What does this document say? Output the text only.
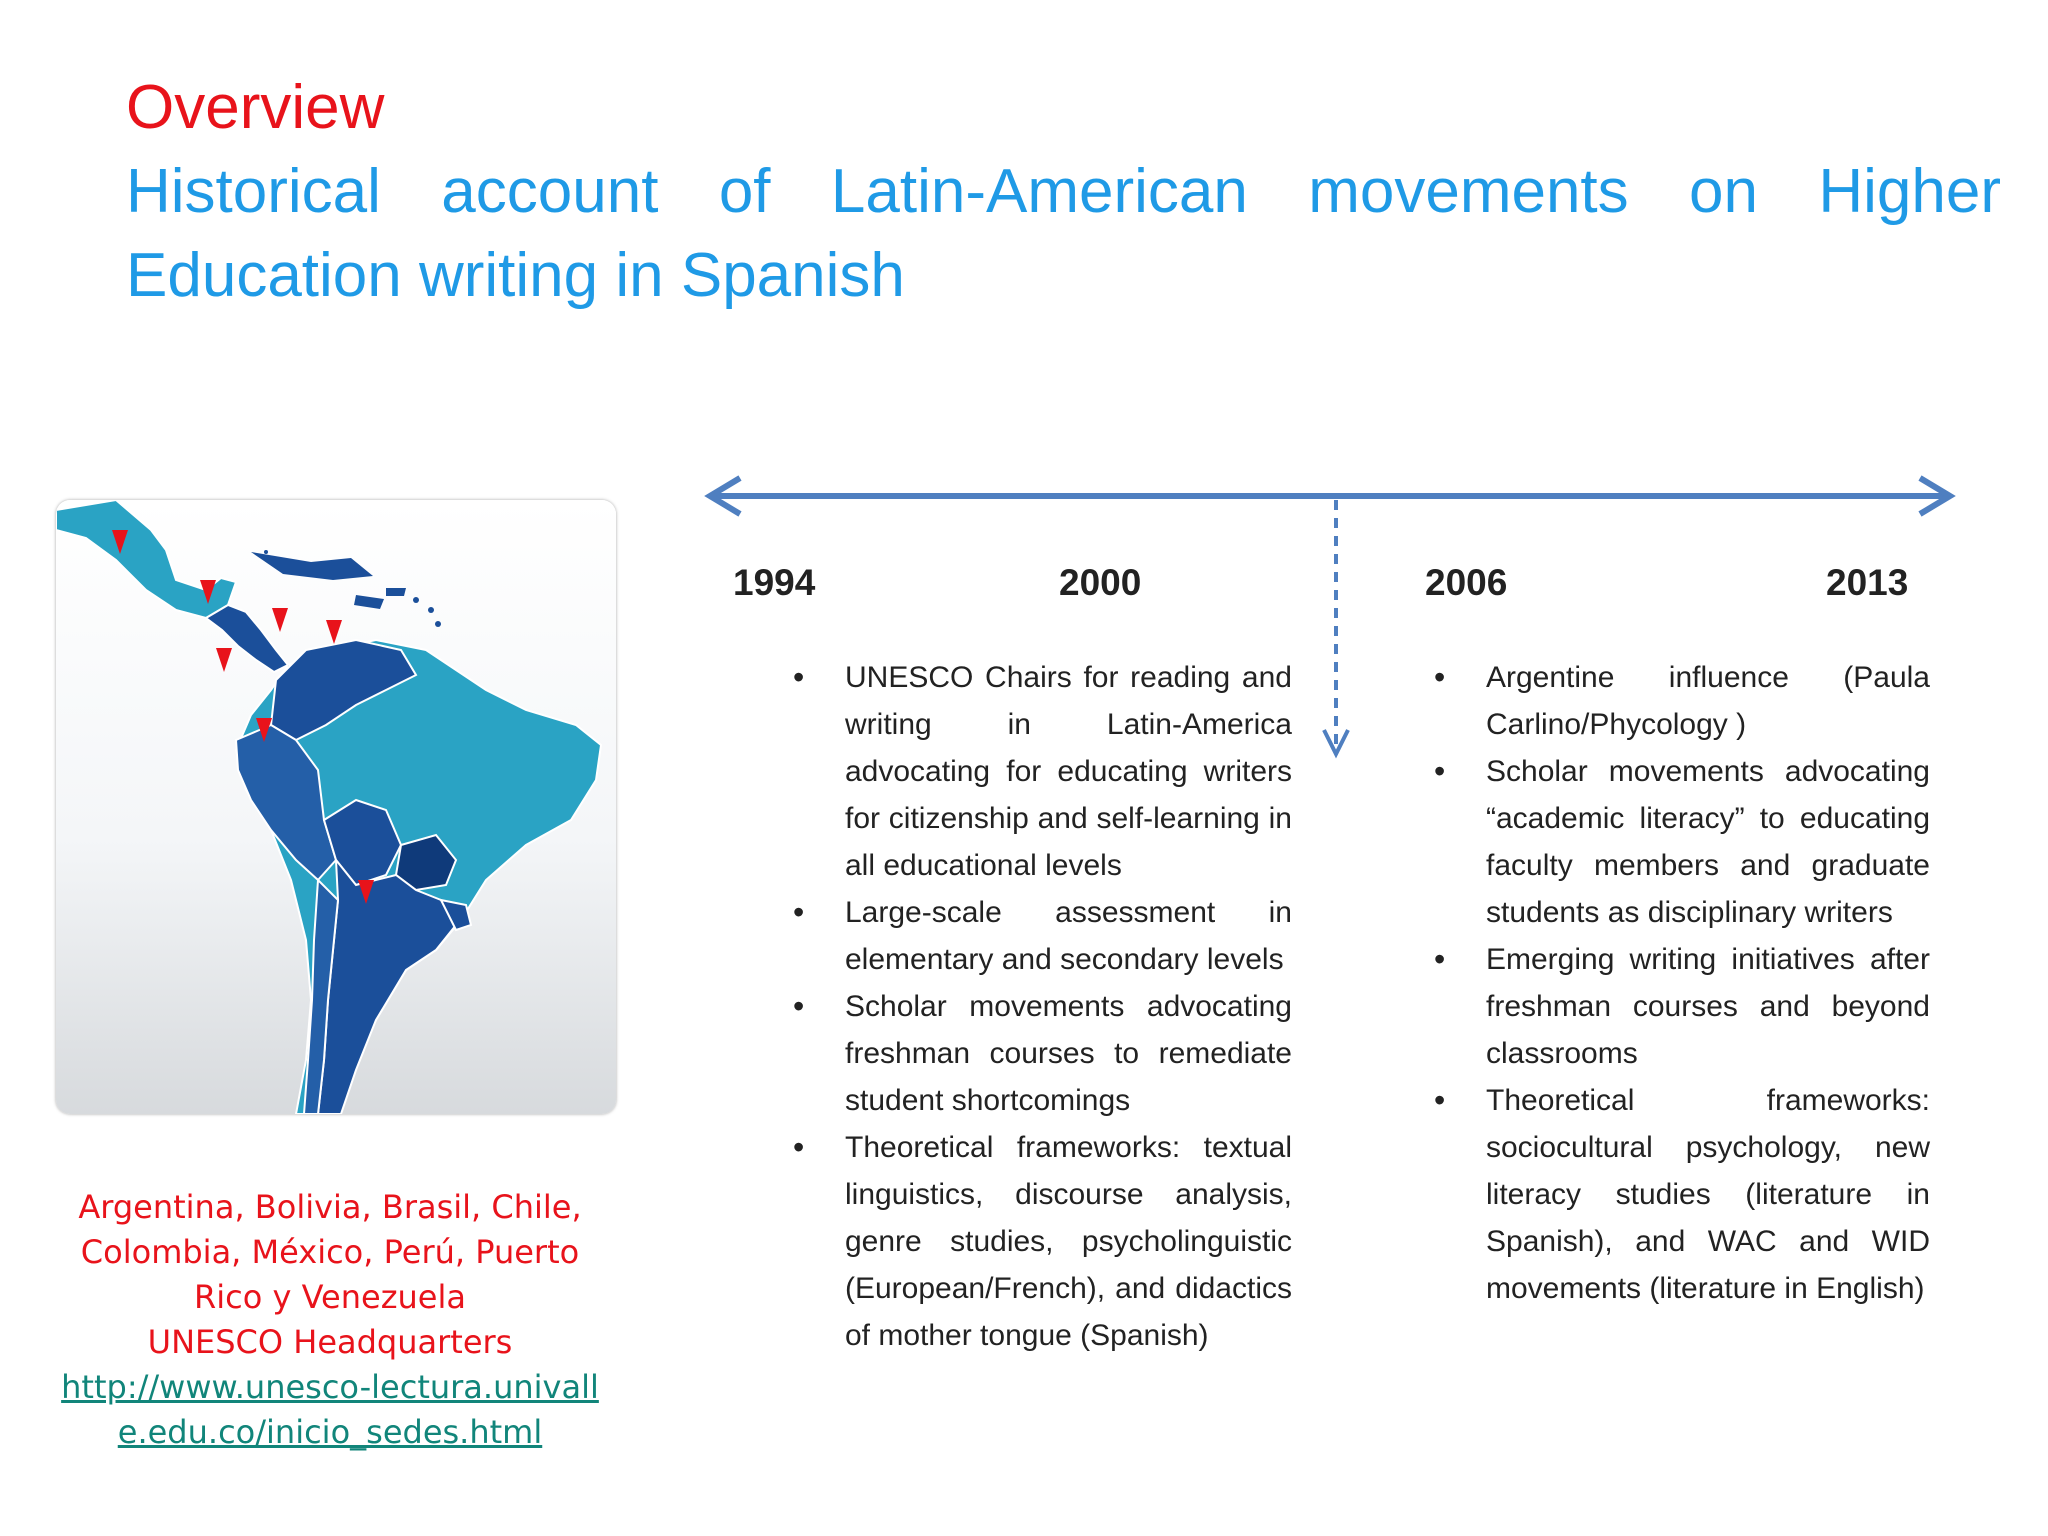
Overview
Historical account of Latin-American movements on Higher Education writing in Spanish
Argentina, Bolivia, Brasil, Chile, Colombia, México, Perú, Puerto Rico y Venezuela
UNESCO Headquarters
http://www.unesco-lectura.univalle.edu.co/inicio_sedes.html
1994	2000	2006	2013
• UNESCO Chairs for reading and writing in Latin-America advocating for educating writers for citizenship and self-learning in all educational levels
• Large-scale assessment in elementary and secondary levels
• Scholar movements advocating freshman courses to remediate student shortcomings
• Theoretical frameworks: textual linguistics, discourse analysis, genre studies, psycholinguistic (European/French), and didactics of mother tongue (Spanish)
• Argentine influence (Paula Carlino/Phycology )
• Scholar movements advocating “academic literacy” to educating faculty members and graduate students as disciplinary writers
• Emerging writing initiatives after freshman courses and beyond classrooms
• Theoretical frameworks: sociocultural psychology, new literacy studies (literature in Spanish), and WAC and WID movements (literature in English)
